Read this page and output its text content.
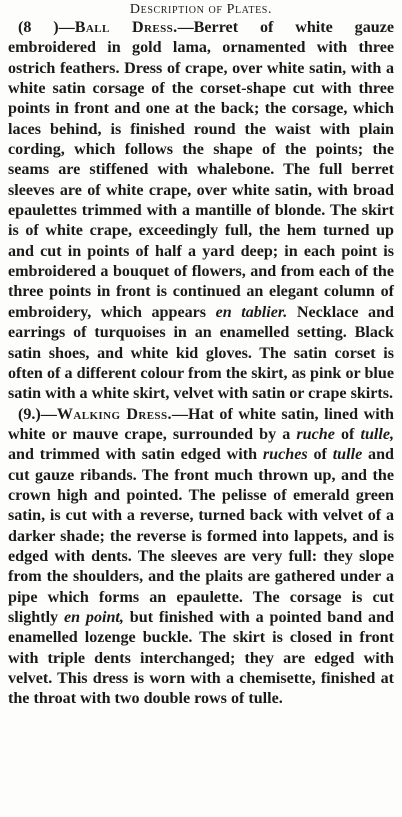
Description of Plates.

(8 )—Ball Dress.—Berret of white gauze embroidered in gold lama, ornamented with three ostrich feathers. Dress of crape, over white satin, with a white satin corsage of the corset-shape cut with three points in front and one at the back; the corsage, which laces behind, is finished round the waist with plain cording, which follows the shape of the points; the seams are stiffened with whalebone. The full berret sleeves are of white crape, over white satin, with broad epaulettes trimmed with a mantille of blonde. The skirt is of white crape, exceedingly full, the hem turned up and cut in points of half a yard deep; in each point is embroidered a bouquet of flowers, and from each of the three points in front is continued an elegant column of embroidery, which appears en tablier. Necklace and earrings of turquoises in an enamelled setting. Black satin shoes, and white kid gloves. The satin corset is often of a different colour from the skirt, as pink or blue satin with a white skirt, velvet with satin or crape skirts.

(9.)—Walking Dress.—Hat of white satin, lined with white or mauve crape, surrounded by a ruche of tulle, and trimmed with satin edged with ruches of tulle and cut gauze ribands. The front much thrown up, and the crown high and pointed. The pelisse of emerald green satin, is cut with a reverse, turned back with velvet of a darker shade; the reverse is formed into lappets, and is edged with dents. The sleeves are very full: they slope from the shoulders, and the plaits are gathered under a pipe which forms an epaulette. The corsage is cut slightly en point, but finished with a pointed band and enamelled lozenge buckle. The skirt is closed in front with triple dents interchanged; they are edged with velvet. This dress is worn with a chemisette, finished at the throat with two double rows of tulle.
